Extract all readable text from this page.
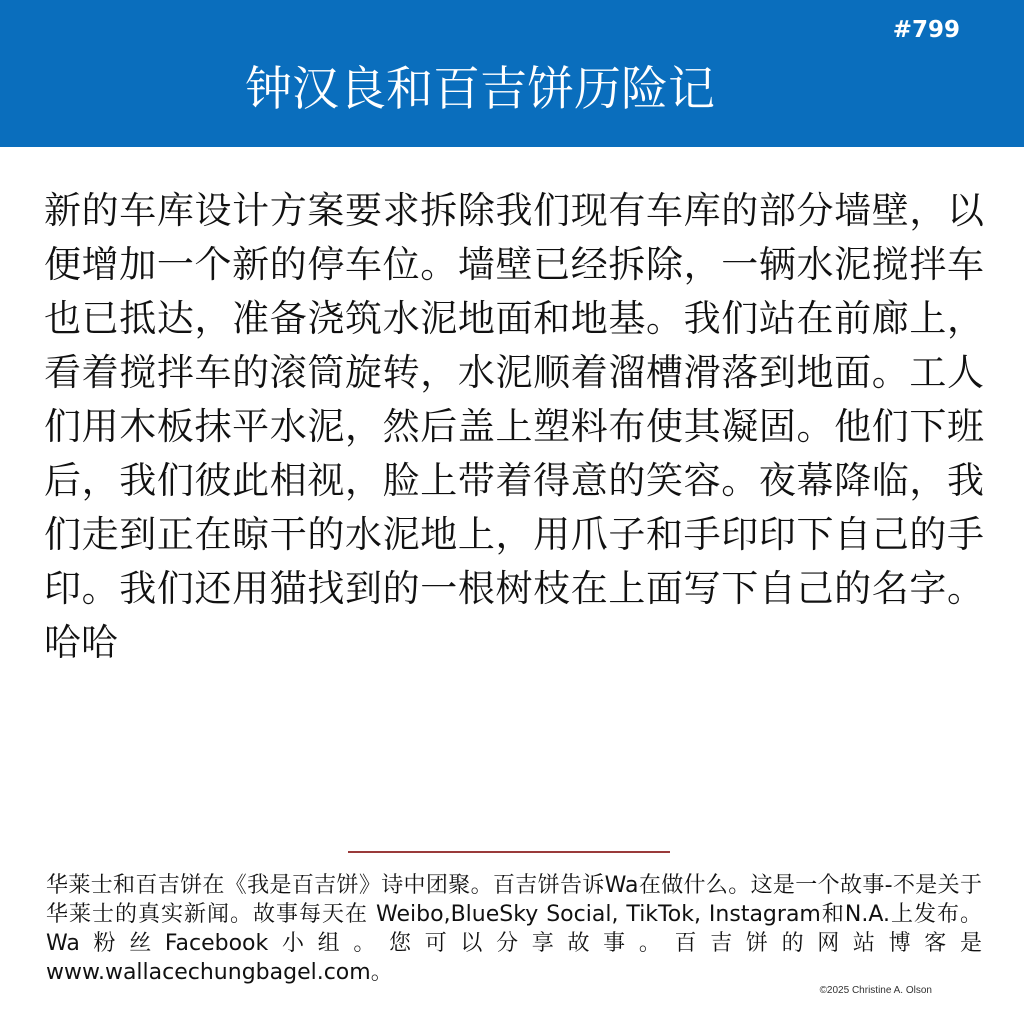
#799
钟汉良和百吉饼历险记

新的车库设计方案要求拆除我们现有车库的部分墙壁，以便增加一个新的停车位。墙壁已经拆除，一辆水泥搅拌车也已抵达，准备浇筑水泥地面和地基。我们站在前廊上，看着搅拌车的滚筒旋转，水泥顺着溜槽滑落到地面。工人们用木板抹平水泥，然后盖上塑料布使其凝固。他们下班后，我们彼此相视，脸上带着得意的笑容。夜幕降临，我们走到正在晾干的水泥地上，用爪子和手印印下自己的手印。我们还用猫找到的一根树枝在上面写下自己的名字。哈哈

华莱士和百吉饼在《我是百吉饼》诗中团聚。百吉饼告诉Wa在做什么。这是一个故事-不是关于华莱士的真实新闻。故事每天在 Weibo,BlueSky Social, TikTok, Instagram和N.A.上发布。Wa粉丝Facebook小组。您可以分享故事。百吉饼的网站博客是www.wallacechungbagel.com。

©2025 Christine A. Olson
